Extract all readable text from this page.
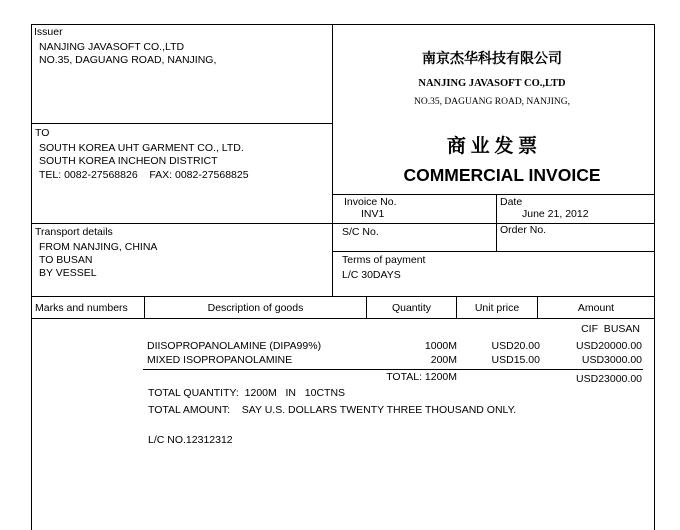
Issuer
NANJING JAVASOFT CO.,LTD
NO.35, DAGUANG ROAD, NANJING,	南京杰华科技有限公司
NANJING JAVASOFT CO.,LTD
NO.35, DAGUANG ROAD, NANJING,
商 业 发 票
COMMERCIAL INVOICE
TO
SOUTH KOREA UHT GARMENT CO., LTD.
SOUTH KOREA INCHEON DISTRICT
TEL: 0082-27568826    FAX: 0082-27568825
Invoice No.
INV1
Date
June 21, 2012
S/C No.	Order No.
Transport details
FROM NANJING, CHINA
TO BUSAN
BY VESSEL
Terms of payment
L/C 30DAYS
Marks and numbers	Description of goods	Quantity	Unit price	Amount
CIF  BUSAN
DIISOPROPANOLAMINE (DIPA99%)	1000M	USD20.00	USD20000.00
MIXED ISOPROPANOLAMINE	200M	USD15.00	USD3000.00
TOTAL: 1200M	USD23000.00
TOTAL QUANTITY:  1200M   IN   10CTNS
TOTAL AMOUNT:    SAY U.S. DOLLARS TWENTY THREE THOUSAND ONLY.
L/C NO.12312312
